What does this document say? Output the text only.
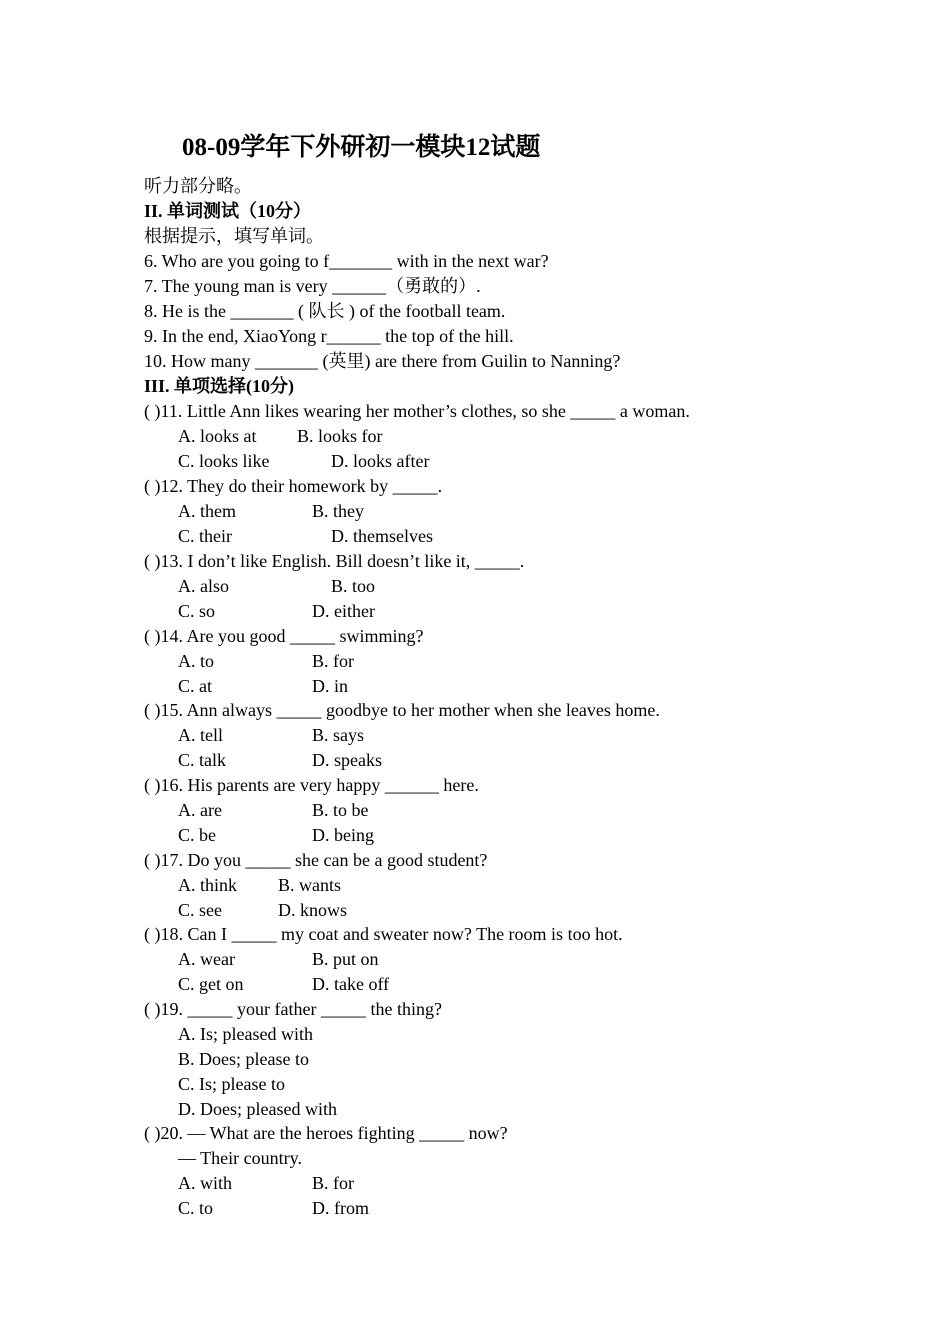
08-09学年下外研初一模块12试题
听力部分略。
II. 单词测试（10分）
根据提示，填写单词。
6. Who are you going to f_______ with in the next war?
7. The young man is very ______（勇敢的）.
8. He is the _______ ( 队长 ) of the football team.
9. In the end, XiaoYong r______ the top of the hill.
10. How many _______ (英里) are there from Guilin to Nanning?
III. 单项选择(10分)
( )11. Little Ann likes wearing her mother’s clothes, so she _____ a woman.
A. looks at B. looks for
C. looks like	D. looks after
( )12. They do their homework by _____.
A. them	B. they
C. their	D. themselves
( )13. I don’t like English. Bill doesn’t like it, _____.
A. also	B. too
C. so	D. either
( )14. Are you good _____ swimming?
A. to	B. for
C. at	D. in
( )15. Ann always _____ goodbye to her mother when she leaves home.
A. tell	B. says
C. talk	D. speaks
( )16. His parents are very happy ______ here.
A. are	B. to be
C. be	D. being
( )17. Do you _____ she can be a good student?
A. think B. wants
C. see	D. knows
( )18. Can I _____ my coat and sweater now? The room is too hot.
A. wear	B. put on
C. get on	D. take off
( )19. _____ your father _____ the thing?
A. Is; pleased with
B. Does; please to
C. Is; please to
D. Does; pleased with
( )20. — What are the heroes fighting _____ now?
— Their country.
A. with	B. for
C. to	D. from
